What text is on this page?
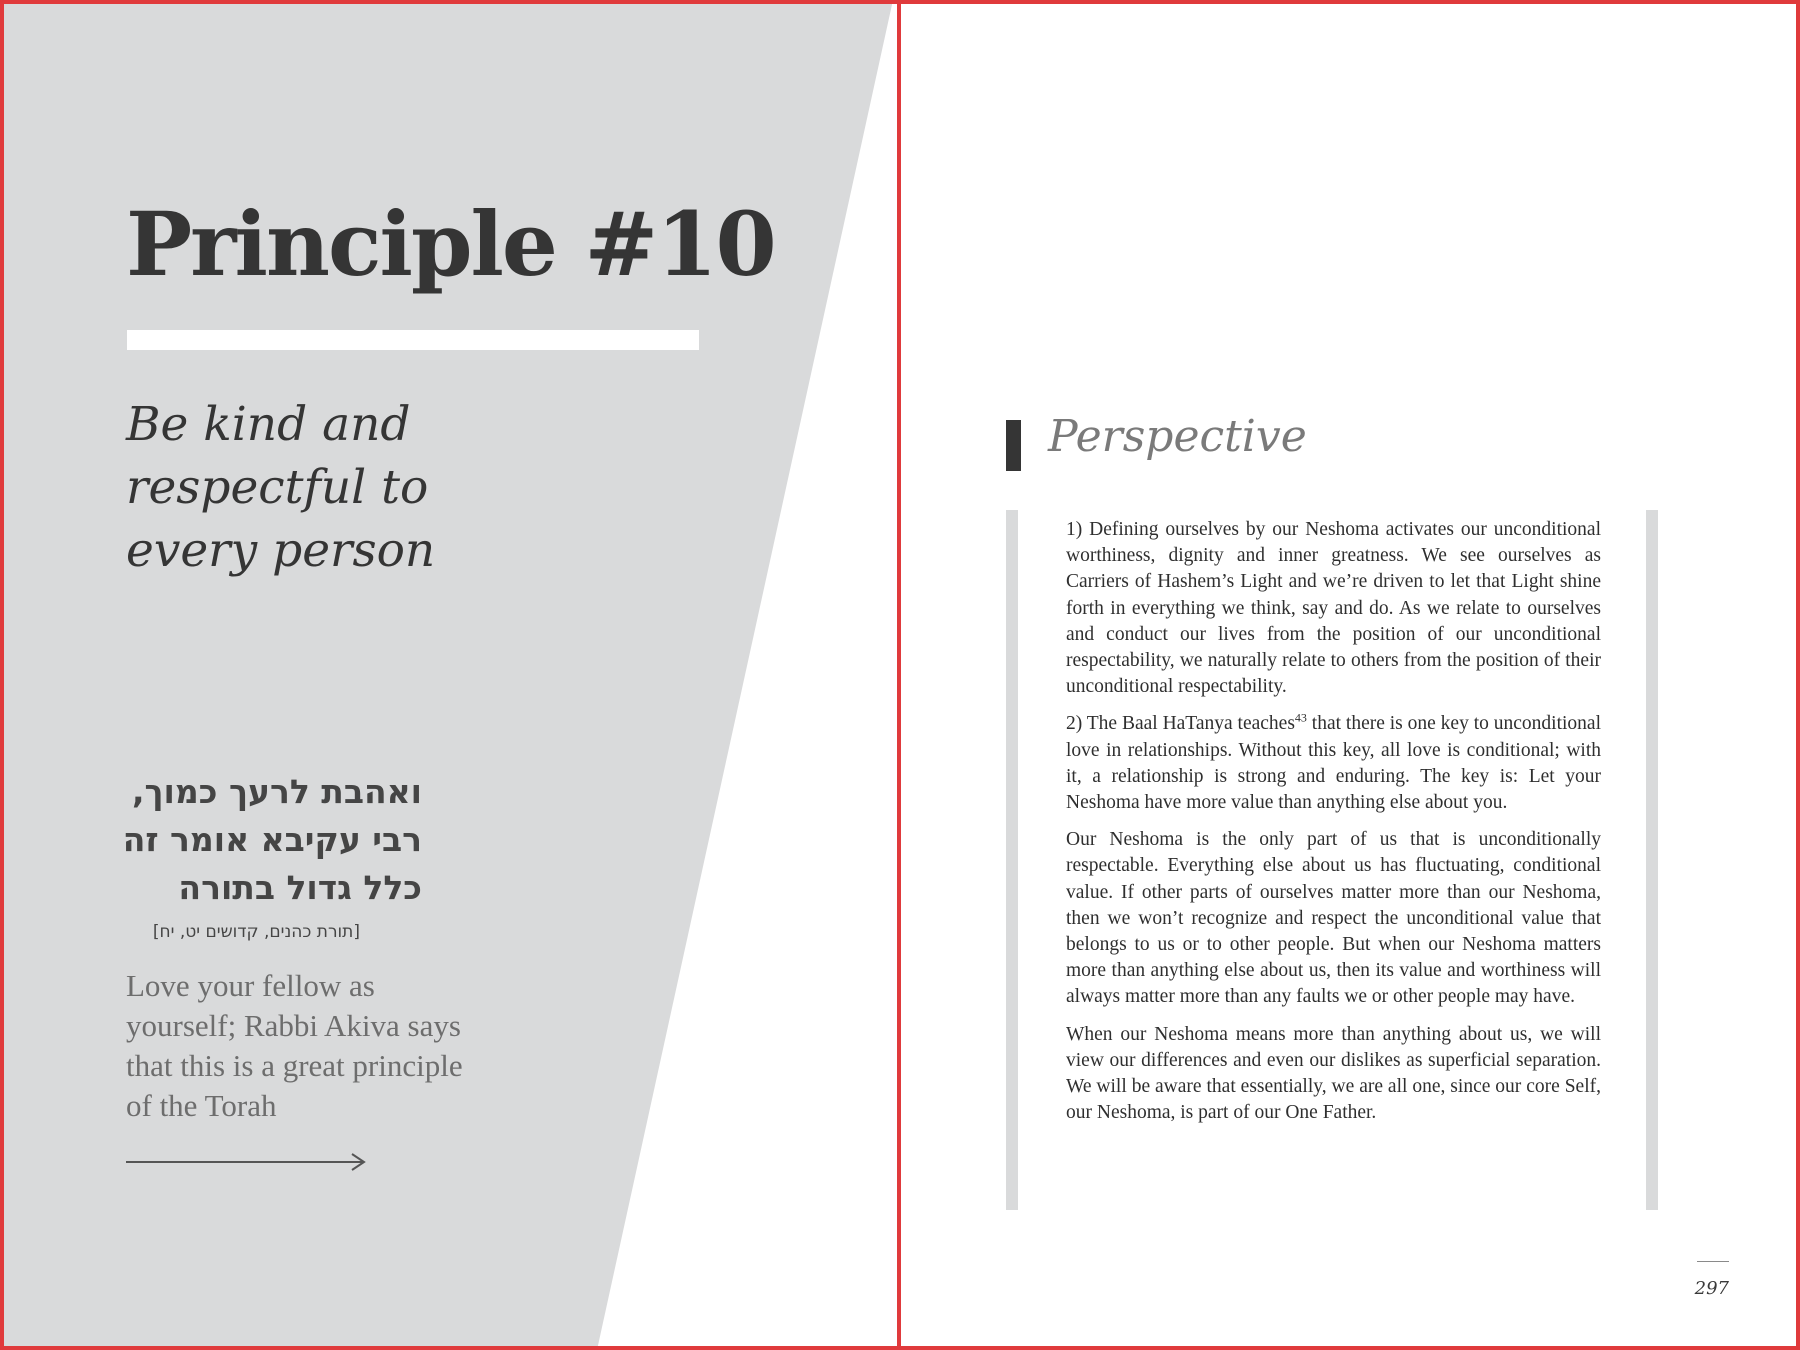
Principle #10
Be kind and respectful to every person
ואהבת לרעך כמוך,
רבי עקיבא אומר זה
כלל גדול בתורה
[תורת כהנים, קדושים יט, יח]
Love your fellow as yourself; Rabbi Akiva says that this is a great principle of the Torah
Perspective

1) Defining ourselves by our Neshoma activates our unconditional worthiness, dignity and inner greatness. We see ourselves as Carriers of Hashem’s Light and we’re driven to let that Light shine forth in everything we think, say and do. As we relate to ourselves and conduct our lives from the position of our unconditional respectability, we naturally relate to others from the position of their unconditional respectability.

2) The Baal HaTanya teaches$^{43}$ that there is one key to unconditional love in relationships. Without this key, all love is conditional; with it, a relationship is strong and enduring. The key is: Let your Neshoma have more value than anything else about you.

Our Neshoma is the only part of us that is unconditionally respectable. Everything else about us has fluctuating, conditional value. If other parts of ourselves matter more than our Neshoma, then we won’t recognize and respect the unconditional value that belongs to us or to other people. But when our Neshoma matters more than anything else about us, then its value and worthiness will always matter more than any faults we or other people may have.

When our Neshoma means more than anything about us, we will view our differences and even our dislikes as superficial separation. We will be aware that essentially, we are all one, since our core Self, our Neshoma, is part of our One Father.

297
